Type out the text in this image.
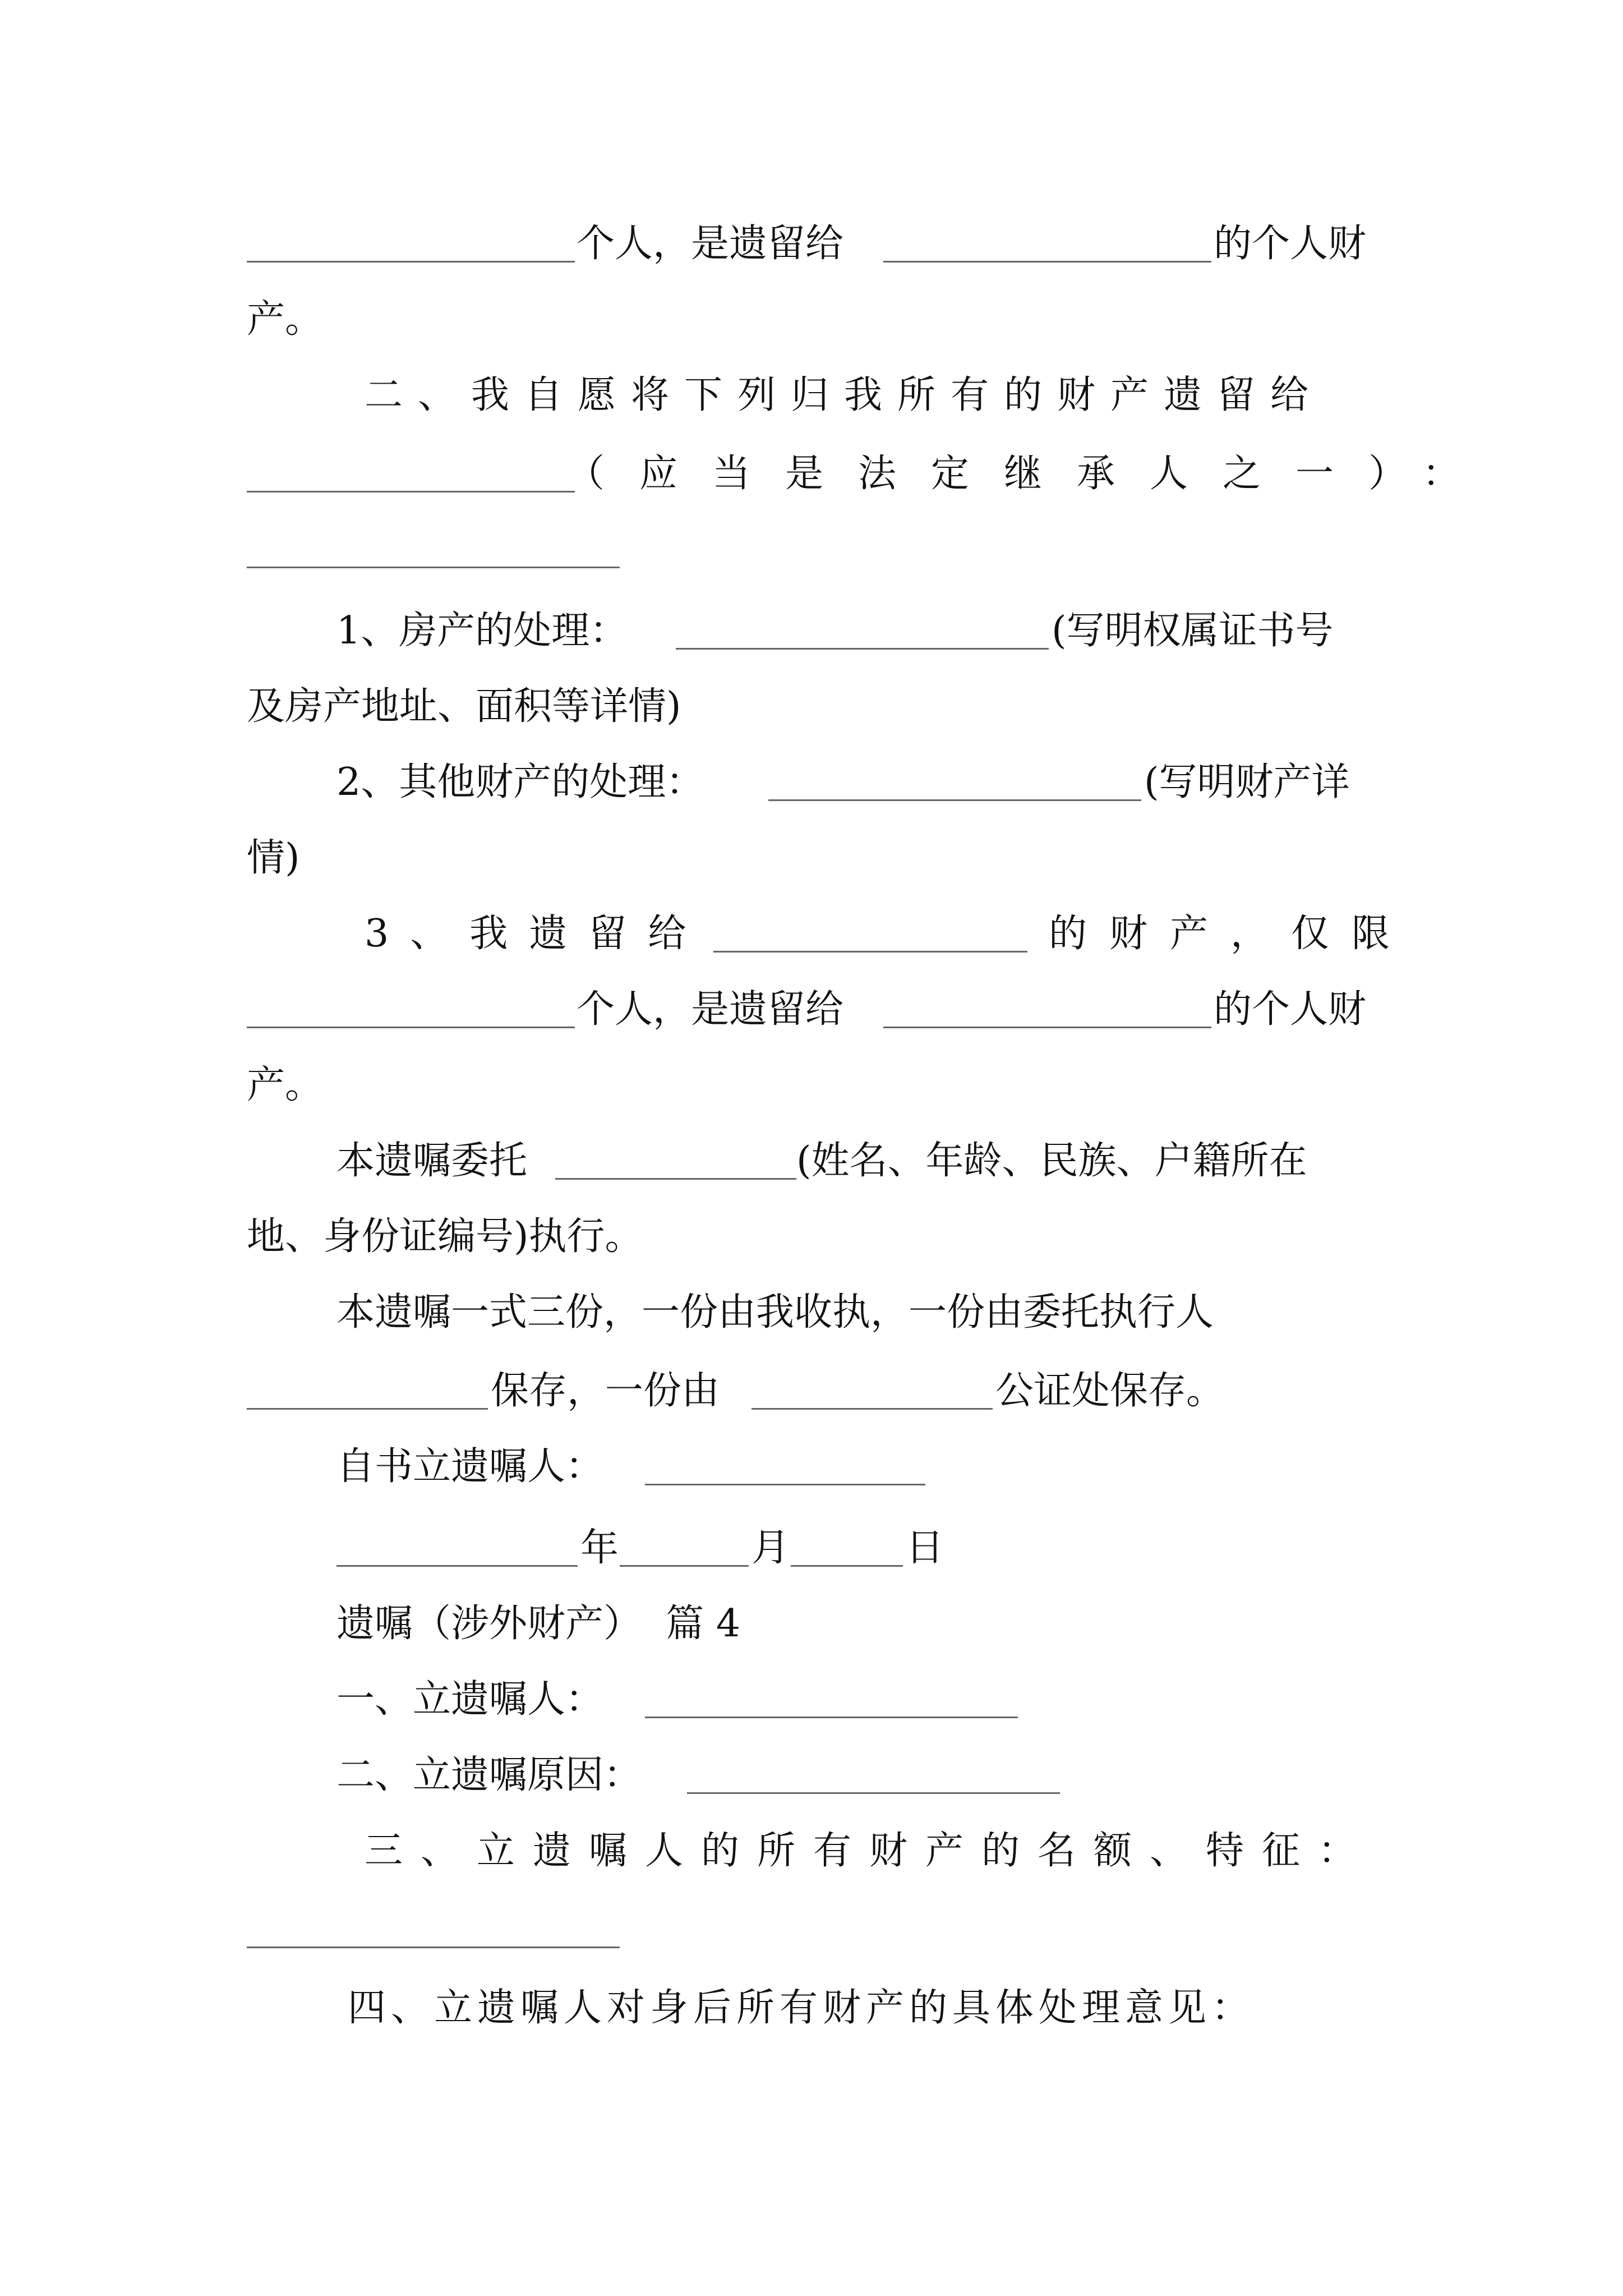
个人，是遗留给	的个人财
产。
二、我自愿将下列归我所有的财产遗留给
（应当是法定继承人之一）：
1、房产的处理：	(写明权属证书号
及房产地址、面积等详情)
2、其他财产的处理：	(写明财产详
情)
3、我遗留给	的财产，仅限
个人，是遗留给	的个人财
产。
本遗嘱委托	(姓名、年龄、民族、户籍所在
地、身份证编号)执行。
本遗嘱一式三份，一份由我收执，一份由委托执行人
保存，一份由	公证处保存。
自书立遗嘱人：
年	月	日
遗嘱（涉外财产）  篇 4
一、立遗嘱人：
二、立遗嘱原因：
三、立遗嘱人的所有财产的名额、特征：
四、立遗嘱人对身后所有财产的具体处理意见：
